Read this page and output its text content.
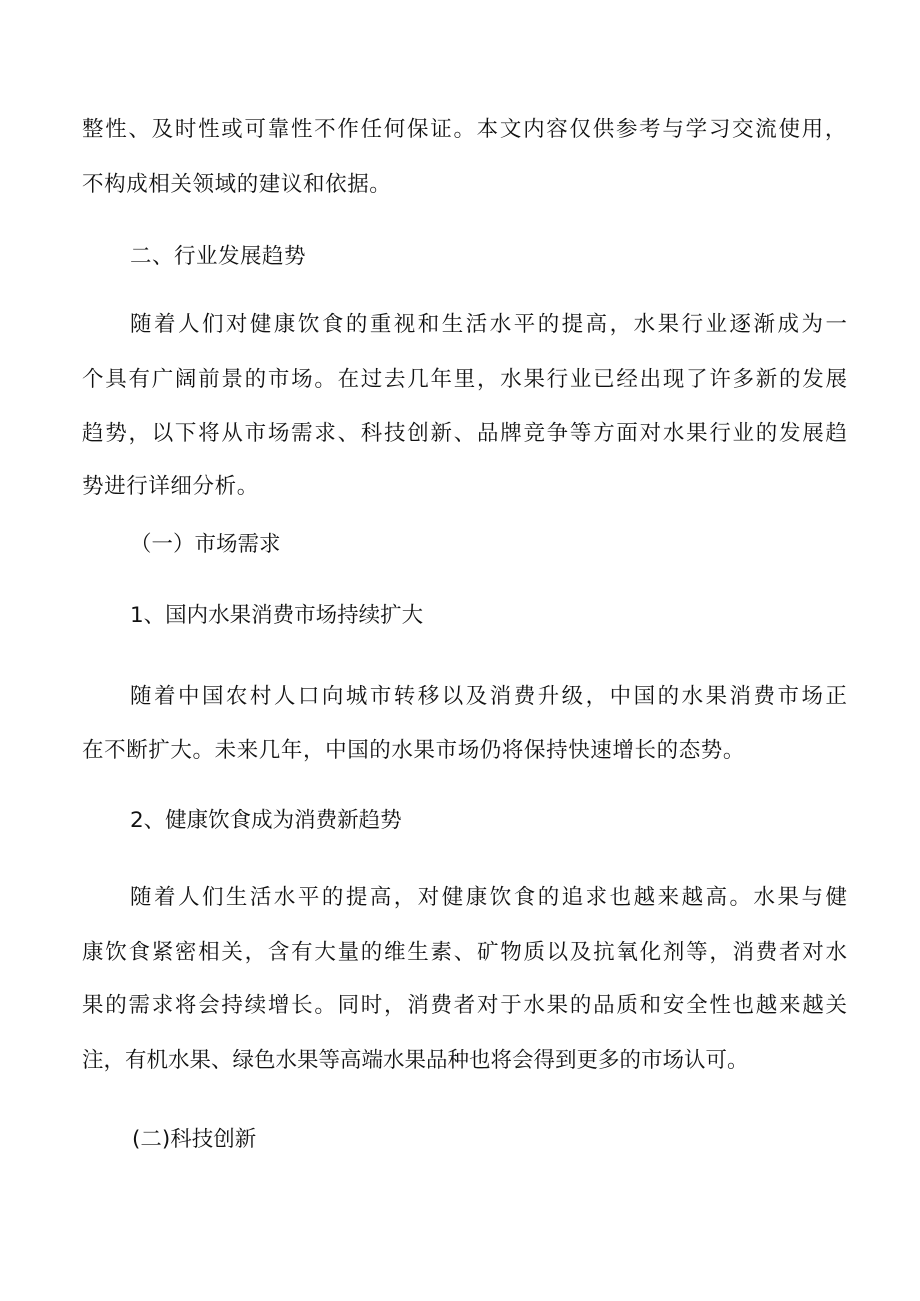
整性、及时性或可靠性不作任何保证。本文内容仅供参考与学习交流使用，
不构成相关领域的建议和依据。
二、行业发展趋势
随着人们对健康饮食的重视和生活水平的提高，水果行业逐渐成为一
个具有广阔前景的市场。在过去几年里，水果行业已经出现了许多新的发展
趋势，以下将从市场需求、科技创新、品牌竞争等方面对水果行业的发展趋
势进行详细分析。
（一）市场需求
1、国内水果消费市场持续扩大
随着中国农村人口向城市转移以及消费升级，中国的水果消费市场正
在不断扩大。未来几年，中国的水果市场仍将保持快速增长的态势。
2、健康饮食成为消费新趋势
随着人们生活水平的提高，对健康饮食的追求也越来越高。水果与健
康饮食紧密相关，含有大量的维生素、矿物质以及抗氧化剂等，消费者对水
果的需求将会持续增长。同时，消费者对于水果的品质和安全性也越来越关
注，有机水果、绿色水果等高端水果品种也将会得到更多的市场认可。
(二)科技创新
